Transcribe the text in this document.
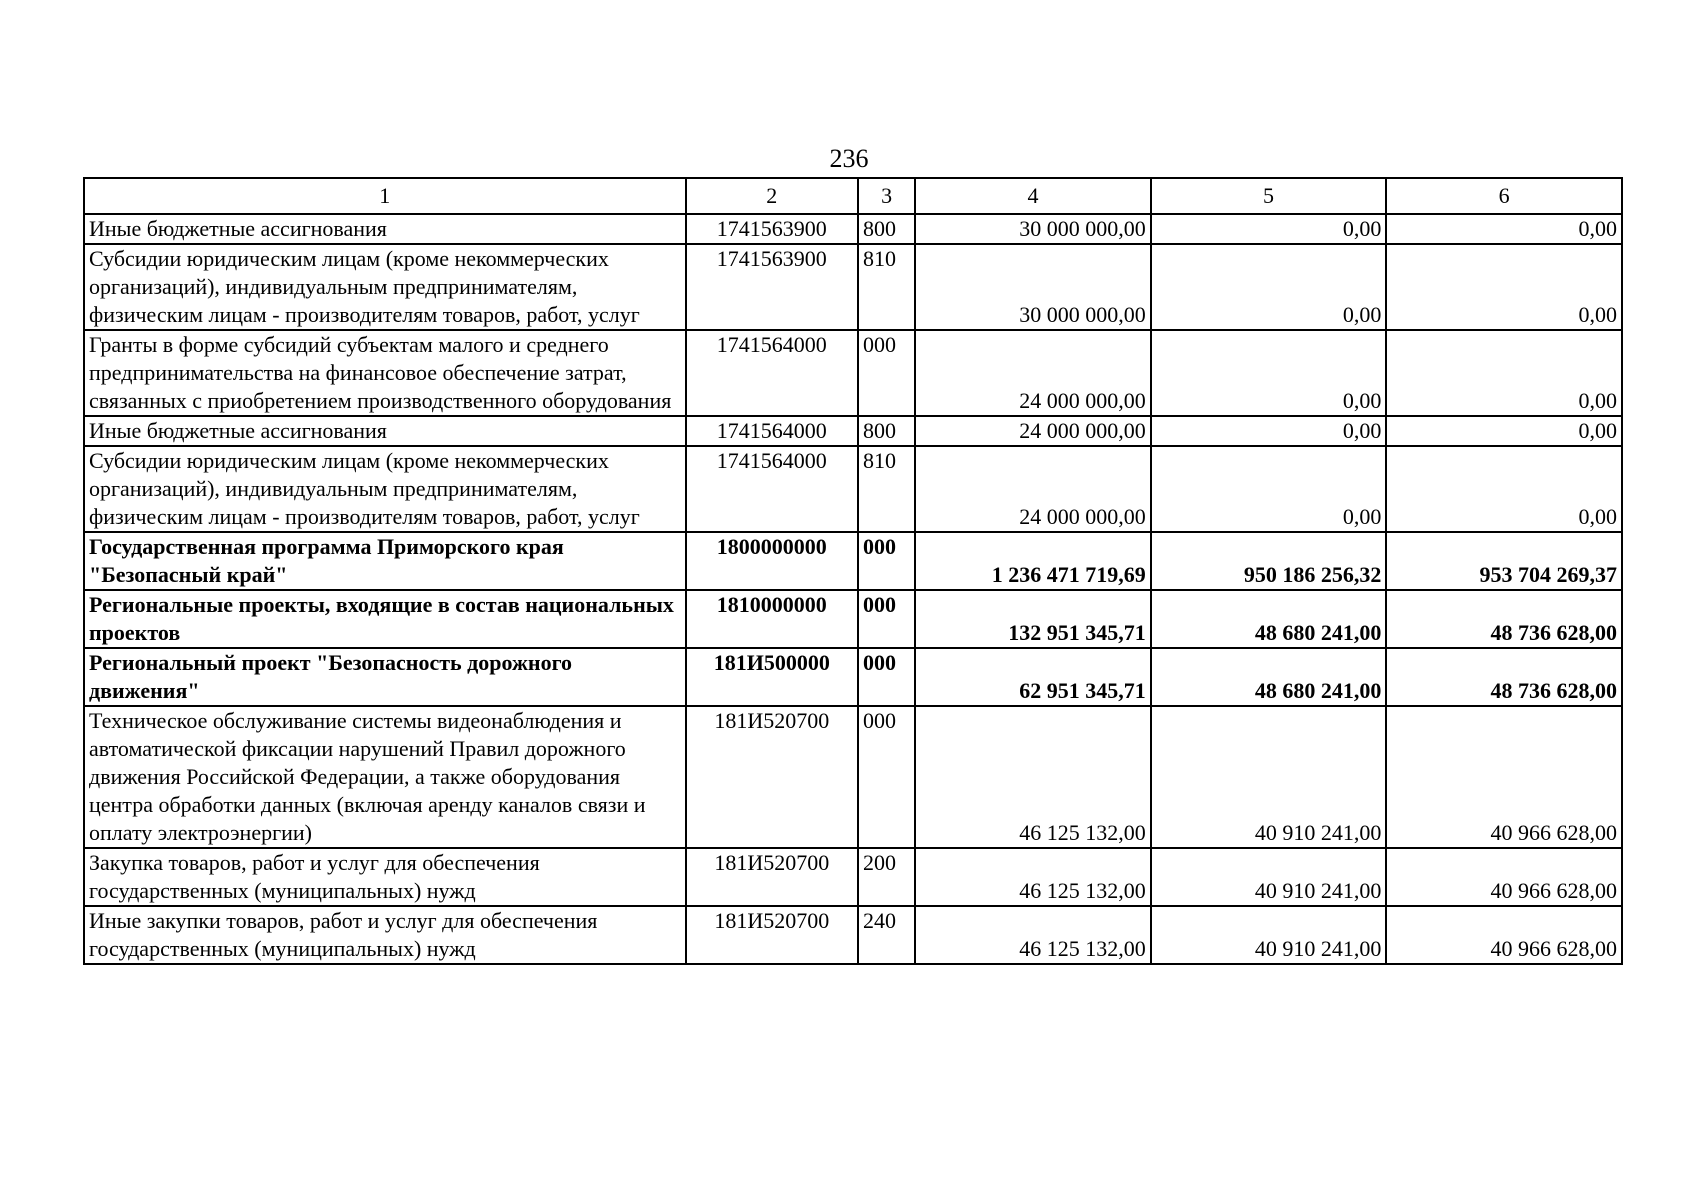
236
1	2	3	4	5	6
Иные бюджетные ассигнования	1741563900	800	30 000 000,00	0,00	0,00
Субсидии юридическим лицам (кроме некоммерческих организаций), индивидуальным предпринимателям, физическим лицам - производителям товаров, работ, услуг	1741563900	810	30 000 000,00	0,00	0,00
Гранты в форме субсидий субъектам малого и среднего предпринимательства на финансовое обеспечение затрат, связанных с приобретением производственного оборудования	1741564000	000	24 000 000,00	0,00	0,00
Иные бюджетные ассигнования	1741564000	800	24 000 000,00	0,00	0,00
Субсидии юридическим лицам (кроме некоммерческих организаций), индивидуальным предпринимателям, физическим лицам - производителям товаров, работ, услуг	1741564000	810	24 000 000,00	0,00	0,00
Государственная программа Приморского края "Безопасный край"	1800000000	000	1 236 471 719,69	950 186 256,32	953 704 269,37
Региональные проекты, входящие в состав национальных проектов	1810000000	000	132 951 345,71	48 680 241,00	48 736 628,00
Региональный проект "Безопасность дорожного движения"	181И500000	000	62 951 345,71	48 680 241,00	48 736 628,00
Техническое обслуживание системы видеонаблюдения и автоматической фиксации нарушений Правил дорожного движения Российской Федерации, а также оборудования центра обработки данных (включая аренду каналов связи и оплату электроэнергии)	181И520700	000	46 125 132,00	40 910 241,00	40 966 628,00
Закупка товаров, работ и услуг для обеспечения государственных (муниципальных) нужд	181И520700	200	46 125 132,00	40 910 241,00	40 966 628,00
Иные закупки товаров, работ и услуг для обеспечения государственных (муниципальных) нужд	181И520700	240	46 125 132,00	40 910 241,00	40 966 628,00
